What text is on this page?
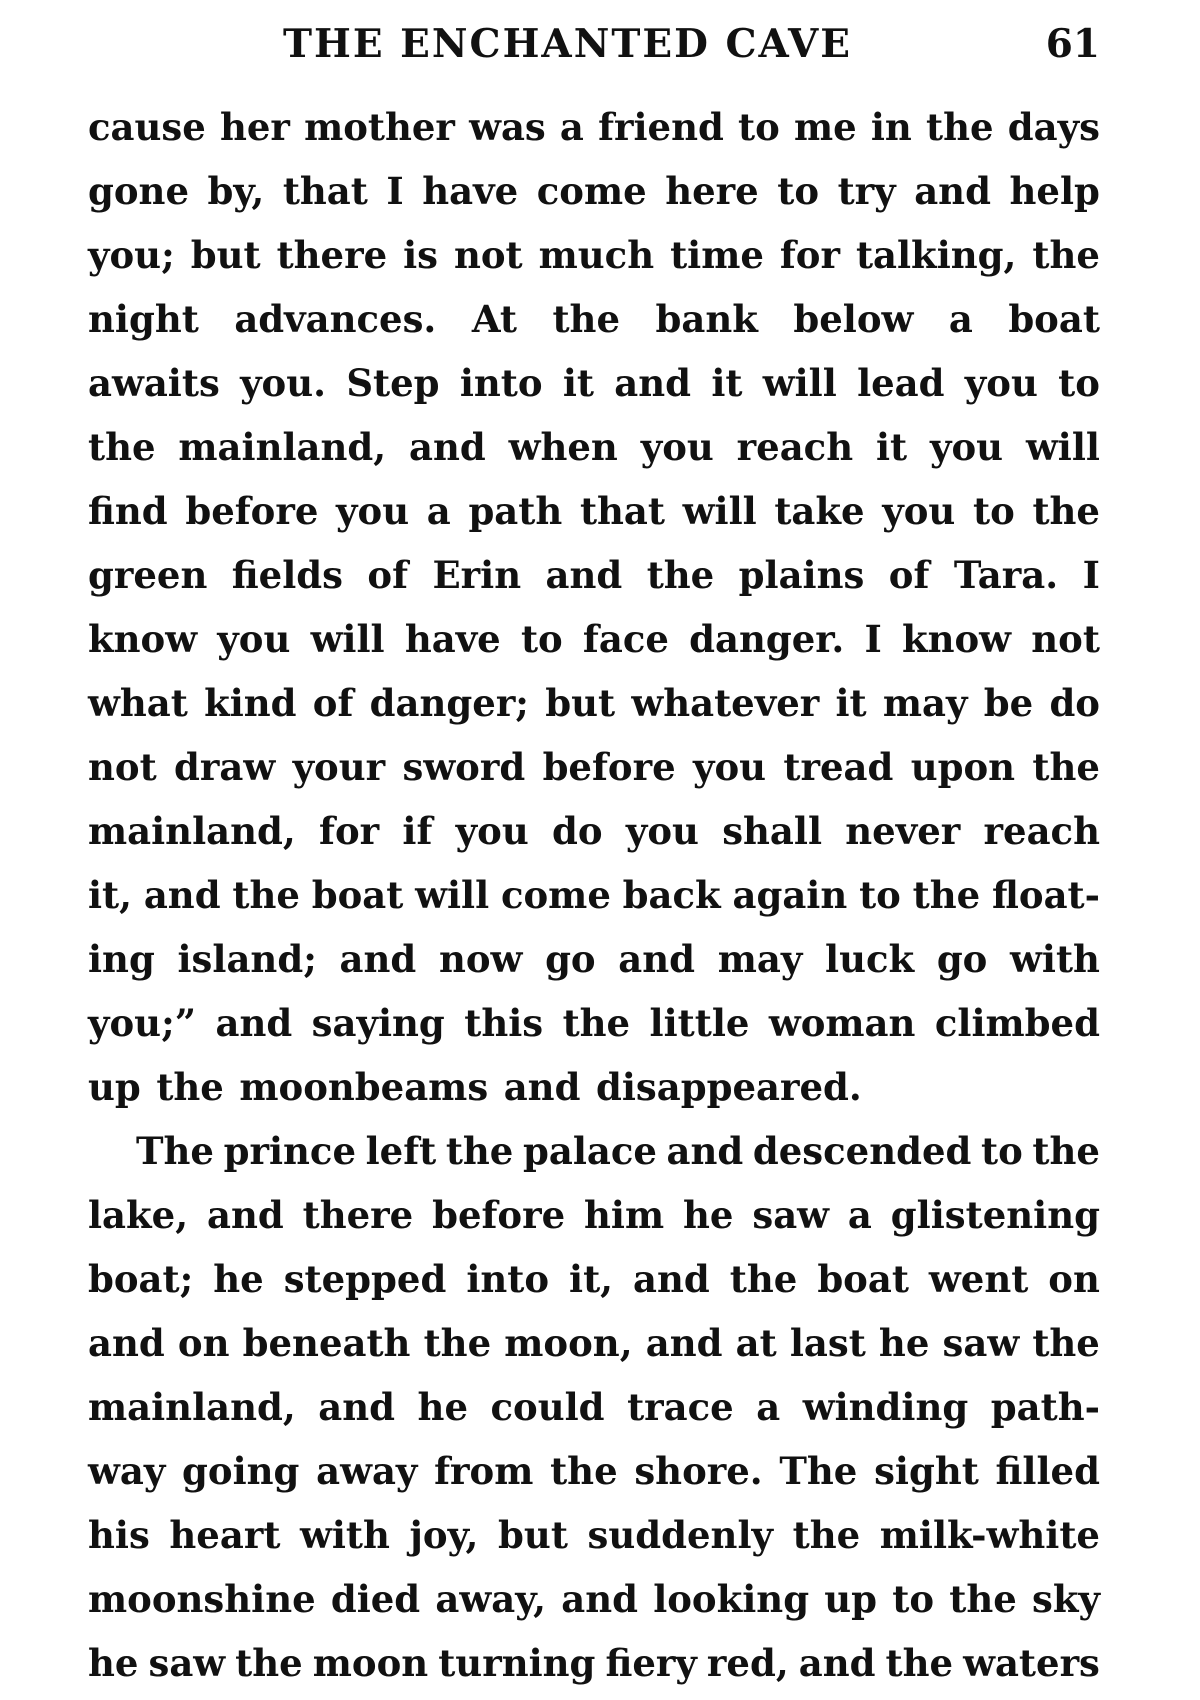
THE ENCHANTED CAVE	61
cause her mother was a friend to me in the days
gone by, that I have come here to try and help
you; but there is not much time for talking, the
night advances. At the bank below a boat
awaits you. Step into it and it will lead you to
the mainland, and when you reach it you will
find before you a path that will take you to the
green fields of Erin and the plains of Tara. I
know you will have to face danger. I know not
what kind of danger; but whatever it may be do
not draw your sword before you tread upon the
mainland, for if you do you shall never reach
it, and the boat will come back again to the float-
ing island; and now go and may luck go with
you;” and saying this the little woman climbed
up the moonbeams and disappeared.
The prince left the palace and descended to the
lake, and there before him he saw a glistening
boat; he stepped into it, and the boat went on
and on beneath the moon, and at last he saw the
mainland, and he could trace a winding path-
way going away from the shore. The sight filled
his heart with joy, but suddenly the milk-white
moonshine died away, and looking up to the sky
he saw the moon turning fiery red, and the waters
